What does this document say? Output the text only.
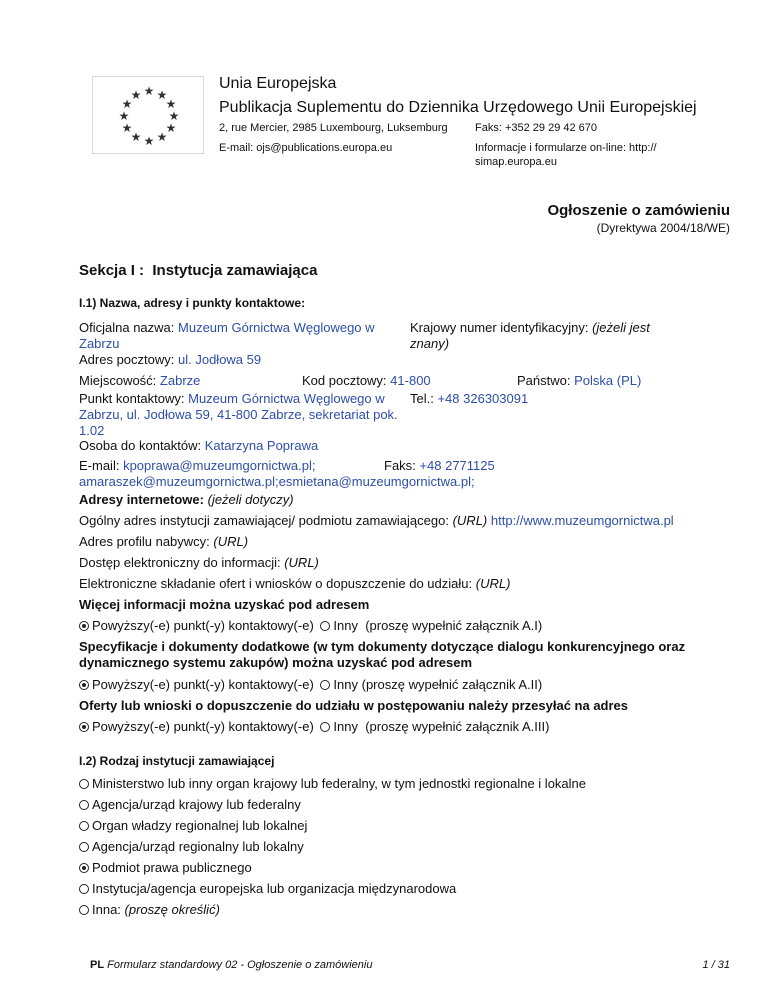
★ ★
★
★
★
★
★
★
★
★
★
★
Unia Europejska
Publikacja Suplementu do Dziennika Urzędowego Unii Europejskiej
2, rue Mercier, 2985 Luxembourg, Luksemburg Faks: +352 29 29 42 670
E-mail: ojs@publications.europa.eu	Informacje i formularze on-line: http://
simap.europa.eu
Ogłoszenie o zamówieniu
(Dyrektywa 2004/18/WE)
Sekcja I :  Instytucja zamawiająca
I.1) Nazwa, adresy i punkty kontaktowe:
Oficjalna nazwa: Muzeum Górnictwa Węglowego w
Zabrzu
Krajowy numer identyfikacyjny: (jeżeli jest
znany)
Adres pocztowy: ul. Jodłowa 59
Miejscowość: Zabrze	Kod pocztowy: 41-800	Państwo: Polska (PL)
Punkt kontaktowy: Muzeum Górnictwa Węglowego w
Zabrzu, ul. Jodłowa 59, 41-800 Zabrze, sekretariat pok.
1.02
Tel.: +48 326303091
Osoba do kontaktów: Katarzyna Poprawa
E-mail: kpoprawa@muzeumgornictwa.pl;
amaraszek@muzeumgornictwa.pl;esmietana@muzeumgornictwa.pl;
Faks: +48 2771125
Adresy internetowe: (jeżeli dotyczy)
Ogólny adres instytucji zamawiającej/ podmiotu zamawiającego: (URL) http://www.muzeumgornictwa.pl
Adres profilu nabywcy: (URL)
Dostęp elektroniczny do informacji: (URL)
Elektroniczne składanie ofert i wniosków o dopuszczenie do udziału: (URL)
Więcej informacji można uzyskać pod adresem
Powyższy(-e) punkt(-y) kontaktowy(-e) Inny (proszę wypełnić załącznik A.I)
Specyfikacje i dokumenty dodatkowe (w tym dokumenty dotyczące dialogu konkurencyjnego oraz
dynamicznego systemu zakupów) można uzyskać pod adresem
Powyższy(-e) punkt(-y) kontaktowy(-e) Inny (proszę wypełnić załącznik A.II)
Oferty lub wnioski o dopuszczenie do udziału w postępowaniu należy przesyłać na adres
Powyższy(-e) punkt(-y) kontaktowy(-e) Inny (proszę wypełnić załącznik A.III)
I.2) Rodzaj instytucji zamawiającej
Ministerstwo lub inny organ krajowy lub federalny, w tym jednostki regionalne i lokalne
Agencja/urząd krajowy lub federalny
Organ władzy regionalnej lub lokalnej
Agencja/urząd regionalny lub lokalny
Podmiot prawa publicznego
Instytucja/agencja europejska lub organizacja międzynarodowa
Inna: (proszę określić)
PL Formularz standardowy 02 - Ogłoszenie o zamówieniu	1 / 31
